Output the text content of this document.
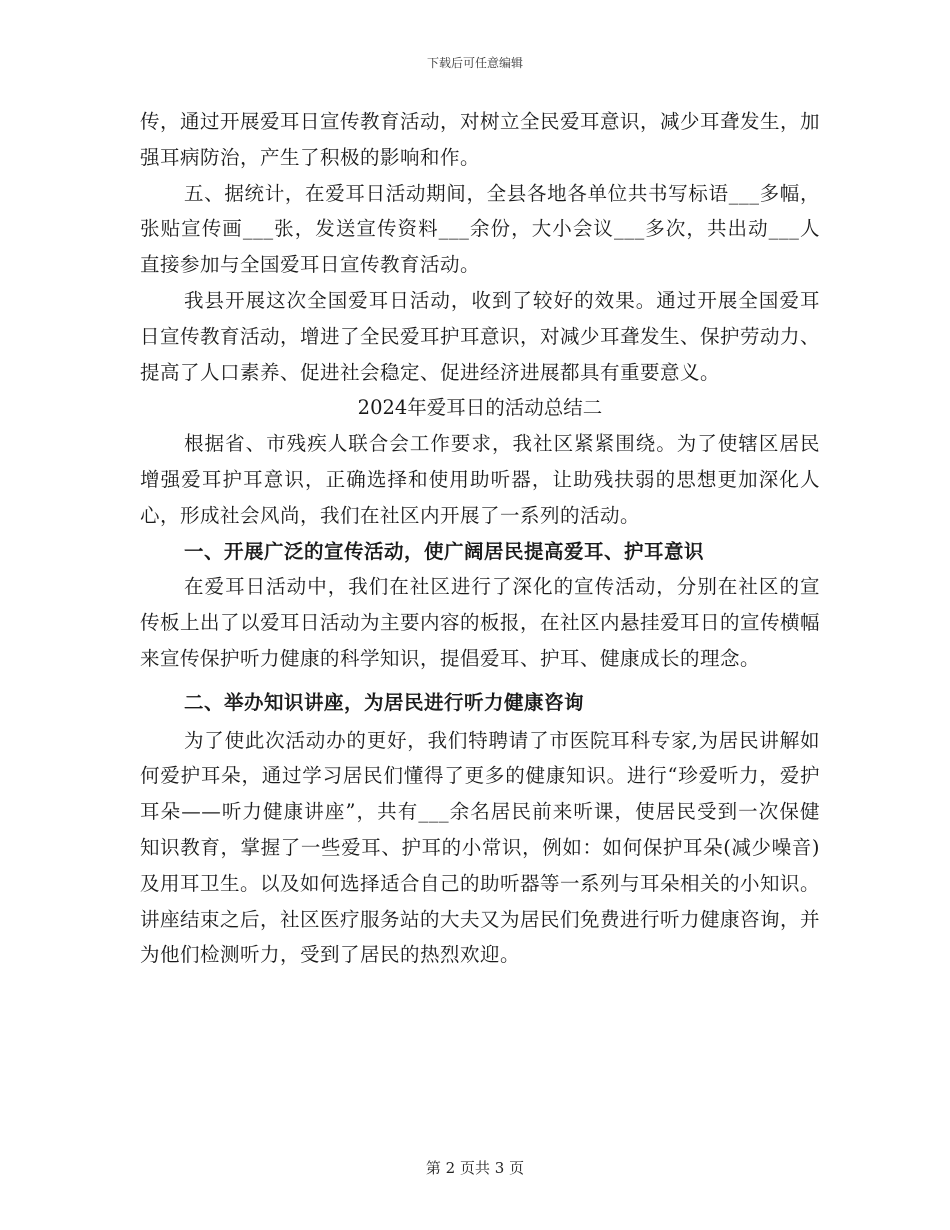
下载后可任意编辑

传，通过开展爱耳日宣传教育活动，对树立全民爱耳意识，减少耳聋发生，加强耳病防治，产生了积极的影响和作。

五、据统计，在爱耳日活动期间，全县各地各单位共书写标语___多幅，张贴宣传画___张，发送宣传资料___余份，大小会议___多次，共出动___人直接参加与全国爱耳日宣传教育活动。

我县开展这次全国爱耳日活动，收到了较好的效果。通过开展全国爱耳日宣传教育活动，增进了全民爱耳护耳意识，对减少耳聋发生、保护劳动力、提高了人口素养、促进社会稳定、促进经济进展都具有重要意义。

2024年爱耳日的活动总结二

根据省、市残疾人联合会工作要求，我社区紧紧围绕。为了使辖区居民增强爱耳护耳意识，正确选择和使用助听器，让助残扶弱的思想更加深化人心，形成社会风尚，我们在社区内开展了一系列的活动。

一、开展广泛的宣传活动，使广阔居民提高爱耳、护耳意识

在爱耳日活动中，我们在社区进行了深化的宣传活动，分别在社区的宣传板上出了以爱耳日活动为主要内容的板报，在社区内悬挂爱耳日的宣传横幅来宣传保护听力健康的科学知识，提倡爱耳、护耳、健康成长的理念。

二、举办知识讲座，为居民进行听力健康咨询

为了使此次活动办的更好，我们特聘请了市医院耳科专家,为居民讲解如何爱护耳朵，通过学习居民们懂得了更多的健康知识。进行“珍爱听力，爱护耳朵——听力健康讲座”，共有___余名居民前来听课，使居民受到一次保健知识教育，掌握了一些爱耳、护耳的小常识，例如：如何保护耳朵(减少噪音)及用耳卫生。以及如何选择适合自己的助听器等一系列与耳朵相关的小知识。讲座结束之后，社区医疗服务站的大夫又为居民们免费进行听力健康咨询，并为他们检测听力，受到了居民的热烈欢迎。

第 2 页共 3 页
